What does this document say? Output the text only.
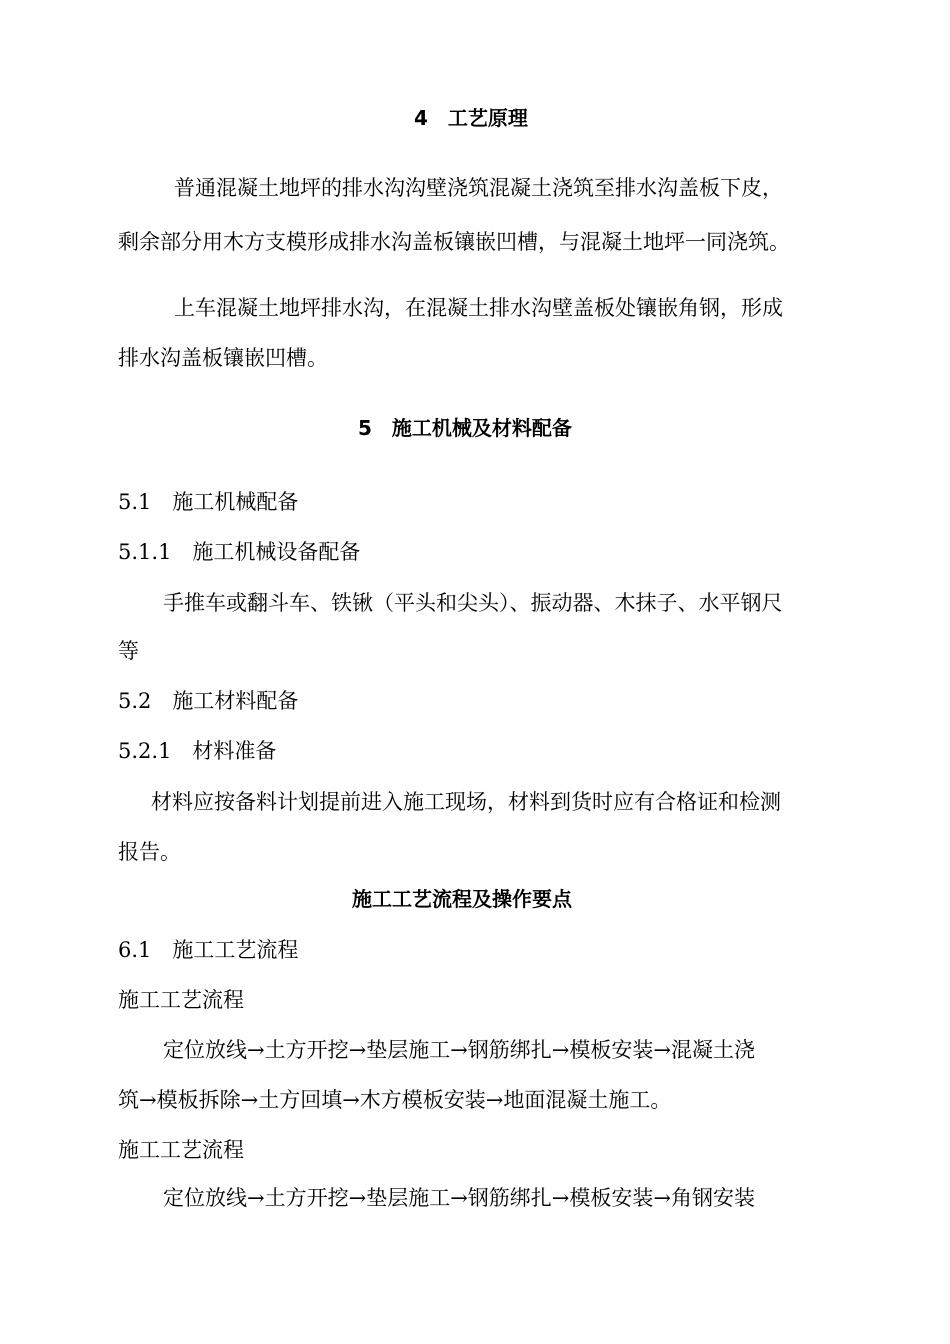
4　工艺原理
普通混凝土地坪的排水沟沟壁浇筑混凝土浇筑至排水沟盖板下皮，
剩余部分用木方支模形成排水沟盖板镶嵌凹槽，与混凝土地坪一同浇筑。
上车混凝土地坪排水沟，在混凝土排水沟壁盖板处镶嵌角钢，形成
排水沟盖板镶嵌凹槽。
5　施工机械及材料配备
5.1　施工机械配备
5.1.1　施工机械设备配备
手推车或翻斗车、铁锹（平头和尖头）、振动器、木抹子、水平钢尺
等
5.2　施工材料配备
5.2.1　材料准备
材料应按备料计划提前进入施工现场，材料到货时应有合格证和检测
报告。
施工工艺流程及操作要点
6.1　施工工艺流程
施工工艺流程
定位放线→土方开挖→垫层施工→钢筋绑扎→模板安装→混凝土浇
筑→模板拆除→土方回填→木方模板安装→地面混凝土施工。
施工工艺流程
定位放线→土方开挖→垫层施工→钢筋绑扎→模板安装→角钢安装
